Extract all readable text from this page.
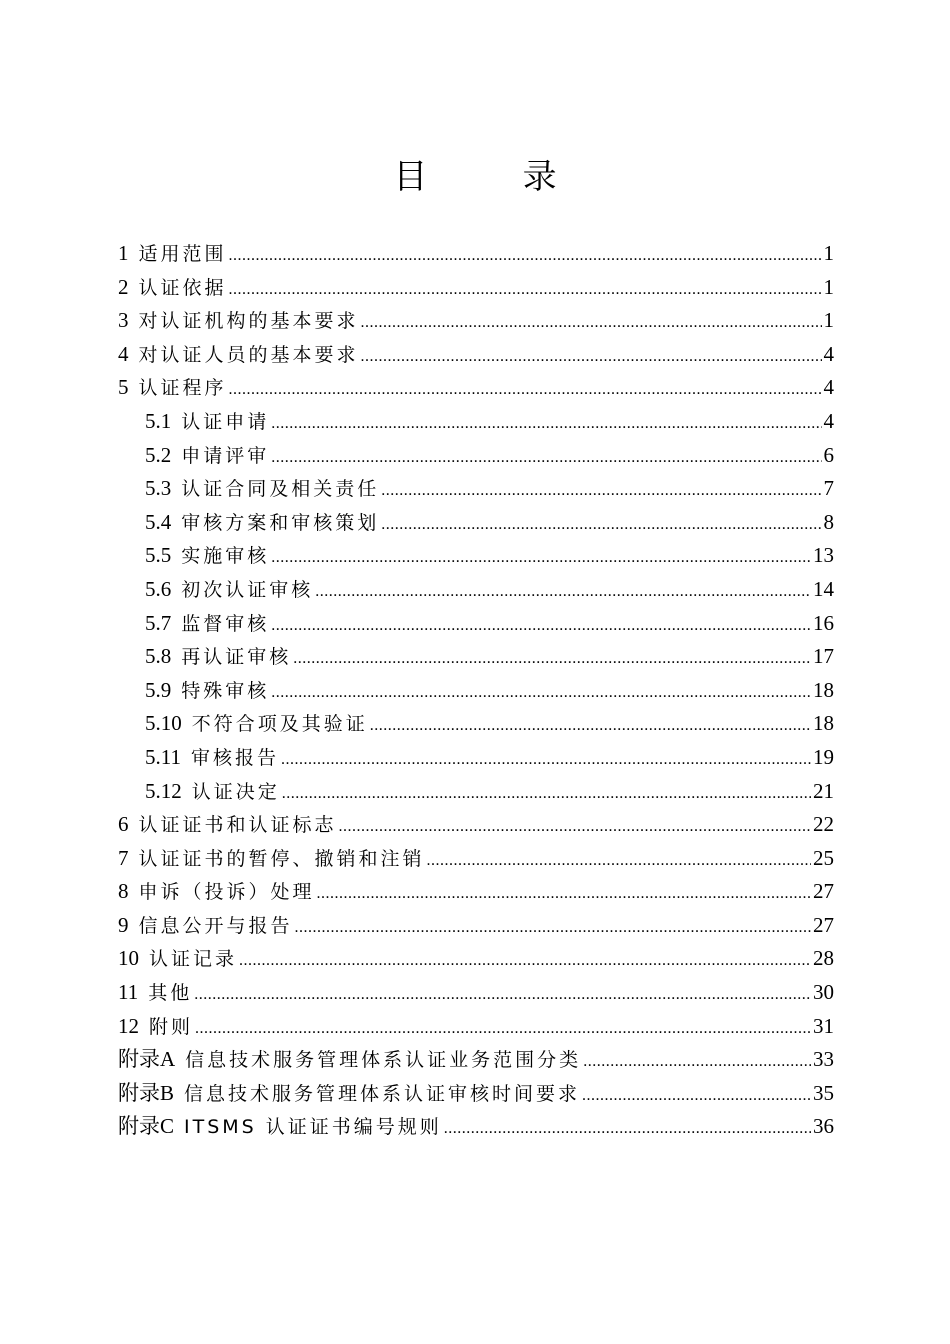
目　录
1 适用范围 .....	1
2 认证依据 .....	1
3 对认证机构的基本要求 .....	1
4 对认证人员的基本要求 .....	4
5 认证程序 .....	4
5.1 认证申请 .....	4
5.2 申请评审 .....	6
5.3 认证合同及相关责任 .....	7
5.4 审核方案和审核策划 .....	8
5.5 实施审核 .....	13
5.6 初次认证审核 .....	14
5.7 监督审核 .....	16
5.8 再认证审核 .....	17
5.9 特殊审核 .....	18
5.10 不符合项及其验证 .....	18
5.11 审核报告 .....	19
5.12 认证决定 .....	21
6 认证证书和认证标志 .....	22
7 认证证书的暂停、撤销和注销 .....	25
8 申诉（投诉）处理 .....	27
9 信息公开与报告 .....	27
10 认证记录 .....	28
11 其他 .....	30
12 附则 .....	31
附录A 信息技术服务管理体系认证业务范围分类 .....	33
附录B 信息技术服务管理体系认证审核时间要求 .....	35
附录C ITSMS 认证证书编号规则 .....	36
